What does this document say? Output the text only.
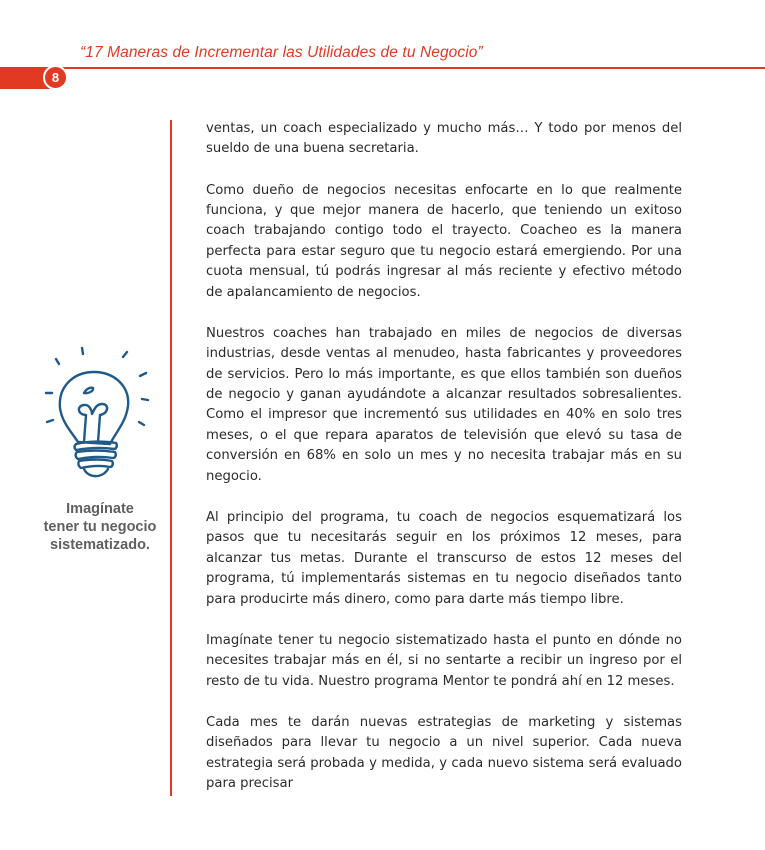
“17 Maneras de Incrementar las Utilidades de tu Negocio”
8
Imagínate
tener tu negocio
sistematizado.

ventas, un coach especializado y mucho más… Y todo por menos del sueldo de una buena secretaria.

Como dueño de negocios necesitas enfocarte en lo que realmente funciona, y que mejor manera de hacerlo, que teniendo un exitoso coach trabajando contigo todo el trayecto. Coacheo es la manera perfecta para estar seguro que tu negocio estará emergiendo. Por una cuota mensual, tú podrás ingresar al más reciente y efectivo método de apalancamiento de negocios.

Nuestros coaches han trabajado en miles de negocios de diversas industrias, desde ventas al menudeo, hasta fabricantes y proveedores de servicios. Pero lo más importante, es que ellos también son dueños de negocio y ganan ayudándote a alcanzar resultados sobresalientes. Como el impresor que incrementó sus utilidades en 40% en solo tres meses, o el que repara aparatos de televisión que elevó su tasa de conversión en 68% en solo un mes y no necesita trabajar más en su negocio.

Al principio del programa, tu coach de negocios esquematizará los pasos que tu necesitarás seguir en los próximos 12 meses, para alcanzar tus metas. Durante el transcurso de estos 12 meses del programa, tú implementarás sistemas en tu negocio diseñados tanto para producirte más dinero, como para darte más tiempo libre.

Imagínate tener tu negocio sistematizado hasta el punto en dónde no necesites trabajar más en él, si no sentarte a recibir un ingreso por el resto de tu vida. Nuestro programa Mentor te pondrá ahí en 12 meses.

Cada mes te darán nuevas estrategias de marketing y sistemas diseñados para llevar tu negocio a un nivel superior. Cada nueva estrategia será probada y medida, y cada nuevo sistema será evaluado para precisar
